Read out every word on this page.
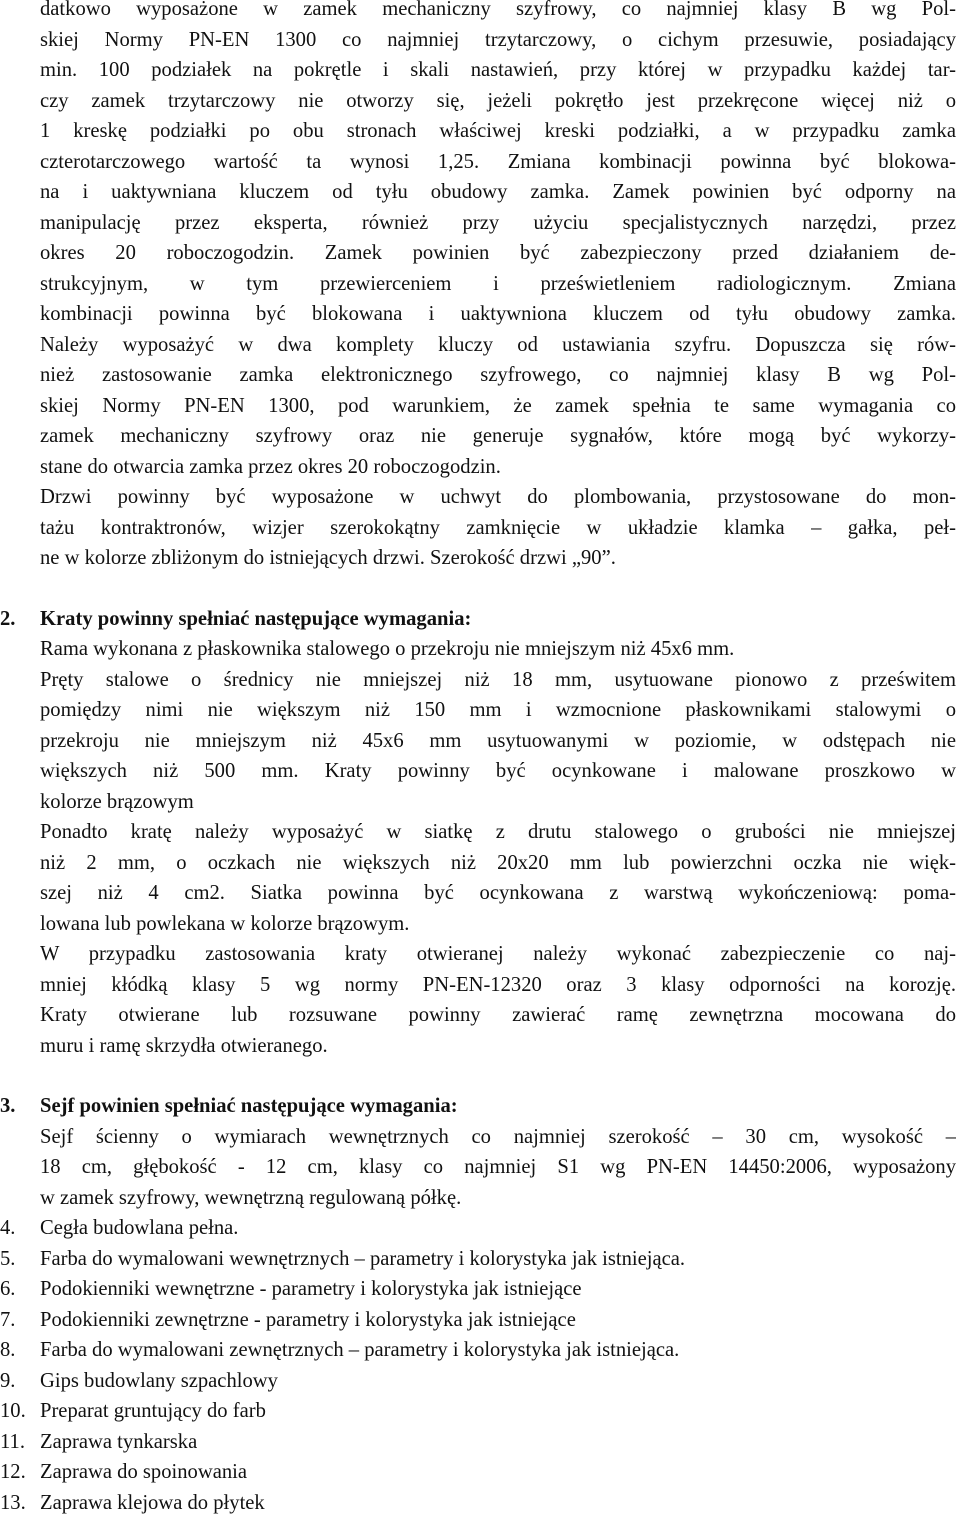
datkowo wyposażone w zamek mechaniczny szyfrowy, co najmniej klasy B wg Pol-
skiej Normy PN-EN 1300 co najmniej trzytarczowy, o cichym przesuwie, posiadający
min. 100 podziałek na pokrętle i skali nastawień, przy której w przypadku każdej tar-
czy zamek trzytarczowy nie otworzy się, jeżeli pokrętło jest przekręcone więcej niż o
1 kreskę podziałki po obu stronach właściwej kreski podziałki, a w przypadku zamka
czterotarczowego wartość ta wynosi 1,25. Zmiana kombinacji powinna być blokowa-
na i uaktywniana kluczem od tyłu obudowy zamka. Zamek powinien być odporny na
manipulację przez eksperta, również przy użyciu specjalistycznych narzędzi, przez
okres 20 roboczogodzin. Zamek powinien być zabezpieczony przed działaniem de-
strukcyjnym, w tym przewierceniem i prześwietleniem radiologicznym. Zmiana
kombinacji powinna być blokowana i uaktywniona kluczem od tyłu obudowy zamka.
Należy wyposażyć w dwa komplety kluczy od ustawiania szyfru. Dopuszcza się rów-
nież zastosowanie zamka elektronicznego szyfrowego, co najmniej klasy B wg Pol-
skiej Normy PN-EN 1300, pod warunkiem, że zamek spełnia te same wymagania co
zamek mechaniczny szyfrowy oraz nie generuje sygnałów, które mogą być wykorzy-
stane do otwarcia zamka przez okres 20 roboczogodzin.
Drzwi powinny być wyposażone w uchwyt do plombowania, przystosowane do mon-
tażu kontraktronów, wizjer szerokokątny zamknięcie w układzie klamka – gałka, peł-
ne w kolorze zbliżonym do istniejących drzwi. Szerokość drzwi „90”.
2.	Kraty powinny spełniać następujące wymagania:
Rama wykonana z płaskownika stalowego o przekroju nie mniejszym niż 45x6 mm.
Pręty stalowe o średnicy nie mniejszej niż 18 mm, usytuowane pionowo z prześwitem
pomiędzy nimi nie większym niż 150 mm i wzmocnione płaskownikami stalowymi o
przekroju nie mniejszym niż 45x6 mm usytuowanymi w poziomie, w odstępach nie
większych niż 500 mm. Kraty powinny być ocynkowane i malowane proszkowo w
kolorze brązowym
Ponadto kratę należy wyposażyć w siatkę z drutu stalowego o grubości nie mniejszej
niż 2 mm, o oczkach nie większych niż 20x20 mm lub powierzchni oczka nie więk-
szej niż 4 cm2. Siatka powinna być ocynkowana z warstwą wykończeniową: poma-
lowana lub powlekana w kolorze brązowym.
W przypadku zastosowania kraty otwieranej należy wykonać zabezpieczenie co naj-
mniej kłódką klasy 5 wg normy PN-EN-12320 oraz 3 klasy odporności na korozję.
Kraty otwierane lub rozsuwane powinny zawierać ramę zewnętrzna mocowana do
muru i ramę skrzydła otwieranego.
3.	Sejf powinien spełniać następujące wymagania:
Sejf ścienny o wymiarach wewnętrznych co najmniej szerokość – 30 cm, wysokość –
18 cm, głębokość - 12 cm, klasy co najmniej S1 wg PN-EN 14450:2006, wyposażony
w zamek szyfrowy, wewnętrzną regulowaną półkę.
4.	Cegła budowlana pełna.
5.	Farba do wymalowani wewnętrznych – parametry i kolorystyka jak istniejąca.
6.	Podokienniki wewnętrzne - parametry i kolorystyka jak istniejące
7.	Podokienniki zewnętrzne - parametry i kolorystyka jak istniejące
8.	Farba do wymalowani zewnętrznych – parametry i kolorystyka jak istniejąca.
9.	Gips budowlany szpachlowy
10. Preparat gruntujący do farb
11. Zaprawa tynkarska
12. Zaprawa do spoinowania
13. Zaprawa klejowa do płytek
